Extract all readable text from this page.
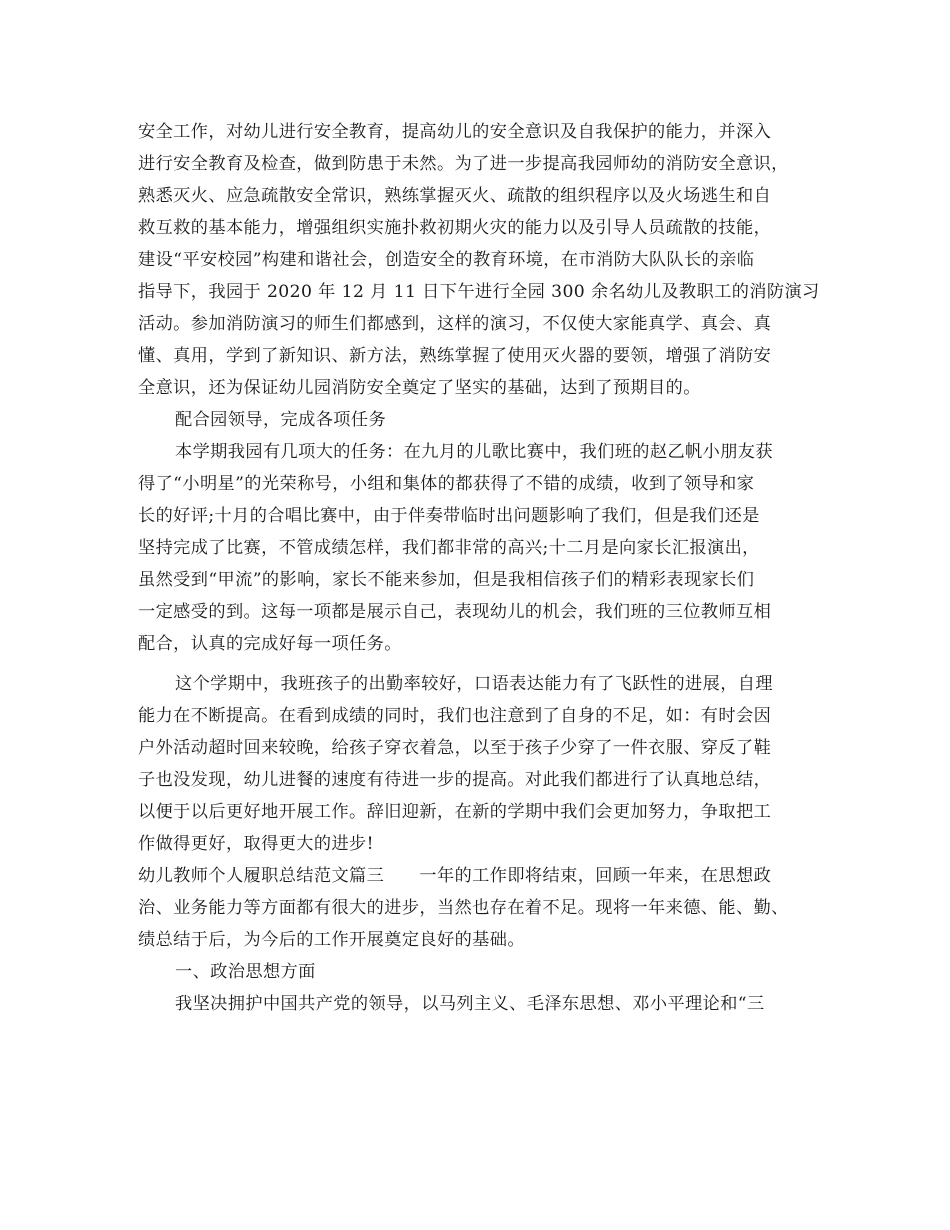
安全工作，对幼儿进行安全教育，提高幼儿的安全意识及自我保护的能力，并深入
进行安全教育及检查，做到防患于未然。为了进一步提高我园师幼的消防安全意识，
熟悉灭火、应急疏散安全常识，熟练掌握灭火、疏散的组织程序以及火场逃生和自
救互救的基本能力，增强组织实施扑救初期火灾的能力以及引导人员疏散的技能，
建设“平安校园”构建和谐社会，创造安全的教育环境，在市消防大队队长的亲临
指导下，我园于 2020 年 12 月 11 日下午进行全园 300 余名幼儿及教职工的消防演习
活动。参加消防演习的师生们都感到，这样的演习，不仅使大家能真学、真会、真
懂、真用，学到了新知识、新方法，熟练掌握了使用灭火器的要领，增强了消防安
全意识，还为保证幼儿园消防安全奠定了坚实的基础，达到了预期目的。
配合园领导，完成各项任务
本学期我园有几项大的任务：在九月的儿歌比赛中，我们班的赵乙帆小朋友获
得了“小明星”的光荣称号，小组和集体的都获得了不错的成绩，收到了领导和家
长的好评;十月的合唱比赛中，由于伴奏带临时出问题影响了我们，但是我们还是
坚持完成了比赛，不管成绩怎样，我们都非常的高兴;十二月是向家长汇报演出，
虽然受到“甲流”的影响，家长不能来参加，但是我相信孩子们的精彩表现家长们
一定感受的到。这每一项都是展示自己，表现幼儿的机会，我们班的三位教师互相
配合，认真的完成好每一项任务。
这个学期中，我班孩子的出勤率较好，口语表达能力有了飞跃性的进展，自理
能力在不断提高。在看到成绩的同时，我们也注意到了自身的不足，如：有时会因
户外活动超时回来较晚，给孩子穿衣着急，以至于孩子少穿了一件衣服、穿反了鞋
子也没发现，幼儿进餐的速度有待进一步的提高。对此我们都进行了认真地总结，
以便于以后更好地开展工作。辞旧迎新，在新的学期中我们会更加努力，争取把工
作做得更好，取得更大的进步!
幼儿教师个人履职总结范文篇三　　一年的工作即将结束，回顾一年来，在思想政
治、业务能力等方面都有很大的进步，当然也存在着不足。现将一年来德、能、勤、
绩总结于后，为今后的工作开展奠定良好的基础。
一、政治思想方面
我坚决拥护中国共产党的领导，以马列主义、毛泽东思想、邓小平理论和“三
